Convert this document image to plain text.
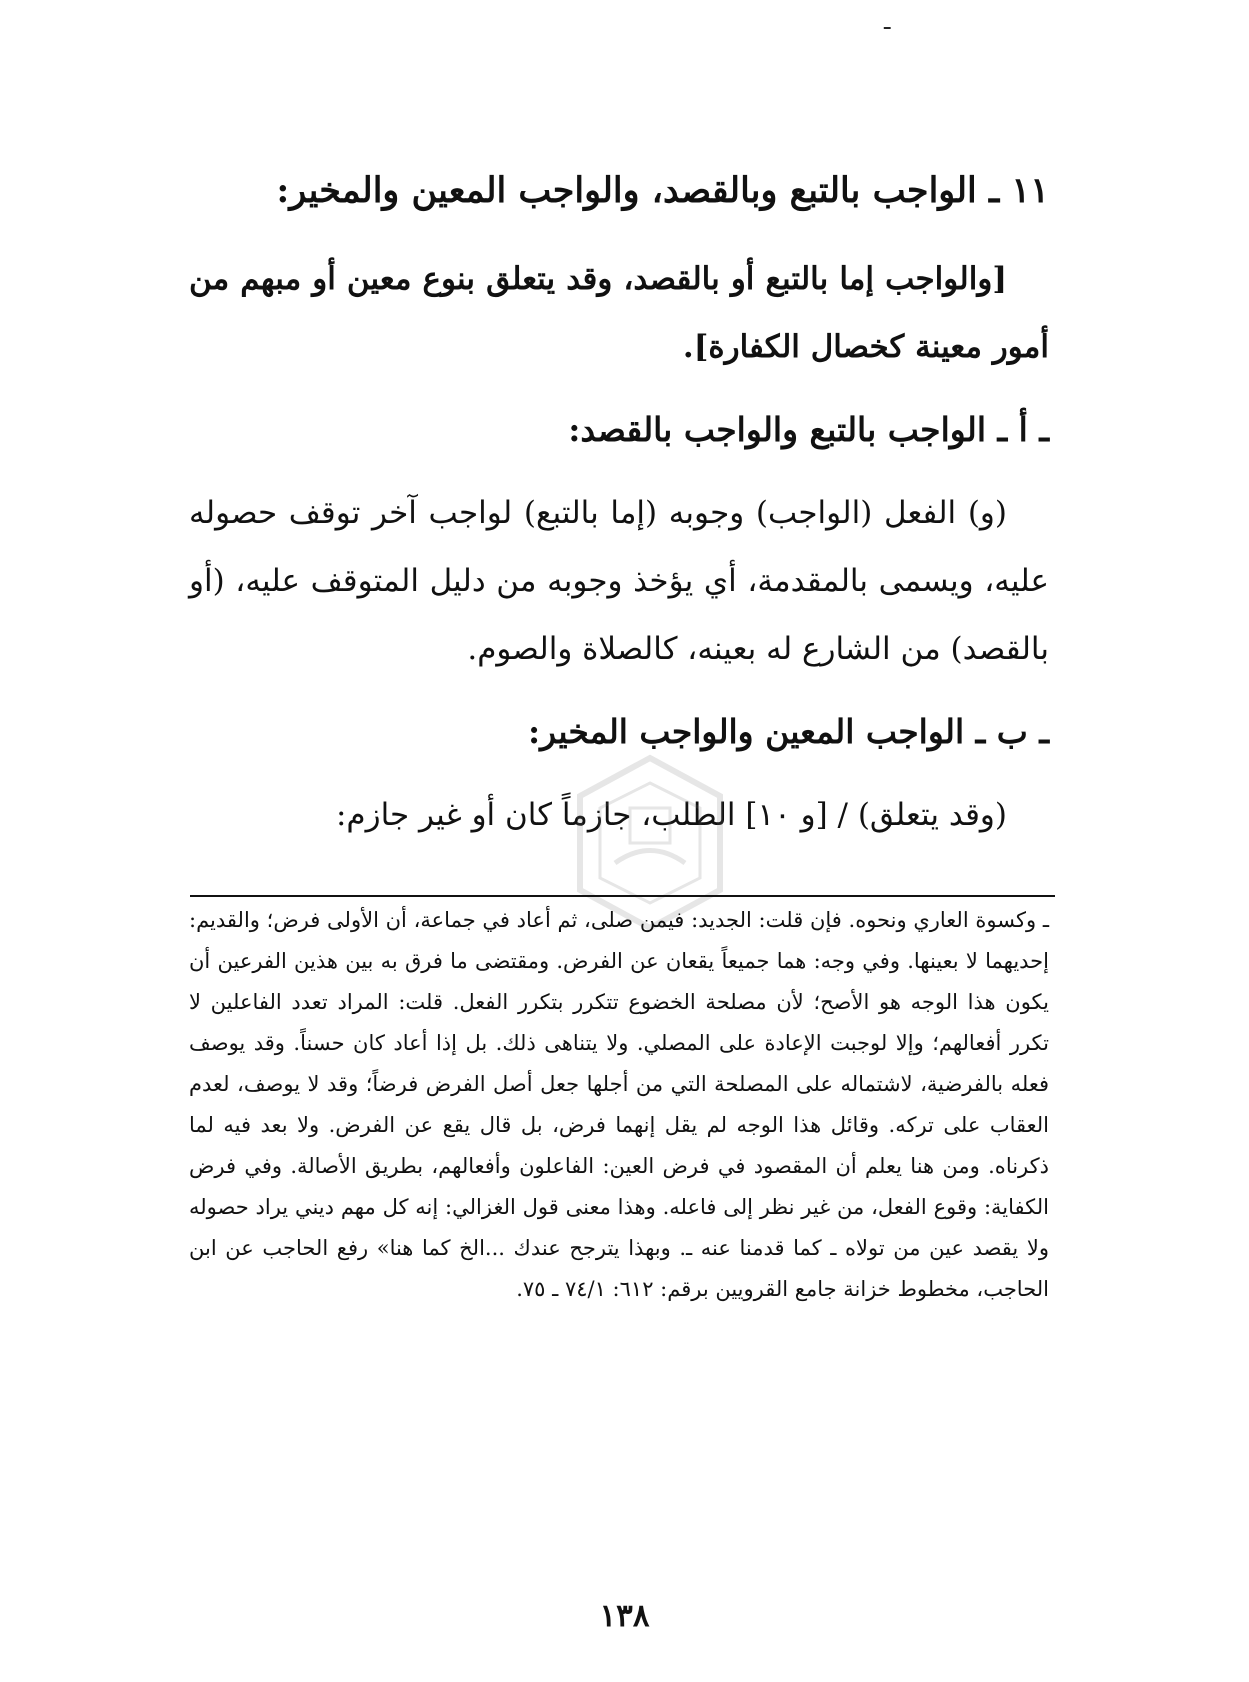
ـ
١١ ـ الواجب بالتبع وبالقصد، والواجب المعين والمخير:
[والواجب إما بالتبع أو بالقصد، وقد يتعلق بنوع معين أو مبهم من أمور معينة كخصال الكفارة].
ـ أ ـ الواجب بالتبع والواجب بالقصد:
(و) الفعل (الواجب) وجوبه (إما بالتبع) لواجب آخر توقف حصوله عليه، ويسمى بالمقدمة، أي يؤخذ وجوبه من دليل المتوقف عليه، (أو بالقصد) من الشارع له بعينه، كالصلاة والصوم.
ـ ب ـ الواجب المعين والواجب المخير:
(وقد يتعلق) / [و ١٠] الطلب، جازماً كان أو غير جازم:
ـ وكسوة العاري ونحوه. فإن قلت: الجديد: فيمن صلى، ثم أعاد في جماعة، أن الأولى فرض؛ والقديم: إحديهما لا بعينها. وفي وجه: هما جميعاً يقعان عن الفرض. ومقتضى ما فرق به بين هذين الفرعين أن يكون هذا الوجه هو الأصح؛ لأن مصلحة الخضوع تتكرر بتكرر الفعل. قلت: المراد تعدد الفاعلين لا تكرر أفعالهم؛ وإلا لوجبت الإعادة على المصلي. ولا يتناهى ذلك. بل إذا أعاد كان حسناً. وقد يوصف فعله بالفرضية، لاشتماله على المصلحة التي من أجلها جعل أصل الفرض فرضاً؛ وقد لا يوصف، لعدم العقاب على تركه. وقائل هذا الوجه لم يقل إنهما فرض، بل قال يقع عن الفرض. ولا بعد فيه لما ذكرناه. ومن هنا يعلم أن المقصود في فرض العين: الفاعلون وأفعالهم، بطريق الأصالة. وفي فرض الكفاية: وقوع الفعل، من غير نظر إلى فاعله. وهذا معنى قول الغزالي: إنه كل مهم ديني يراد حصوله ولا يقصد عين من تولاه ـ كما قدمنا عنه ـ. وبهذا يترجح عندك ...الخ كما هنا» رفع الحاجب عن ابن الحاجب، مخطوط خزانة جامع القرويين برقم: ٦١٢: ٧٤/١ ـ ٧٥.
١٣٨
